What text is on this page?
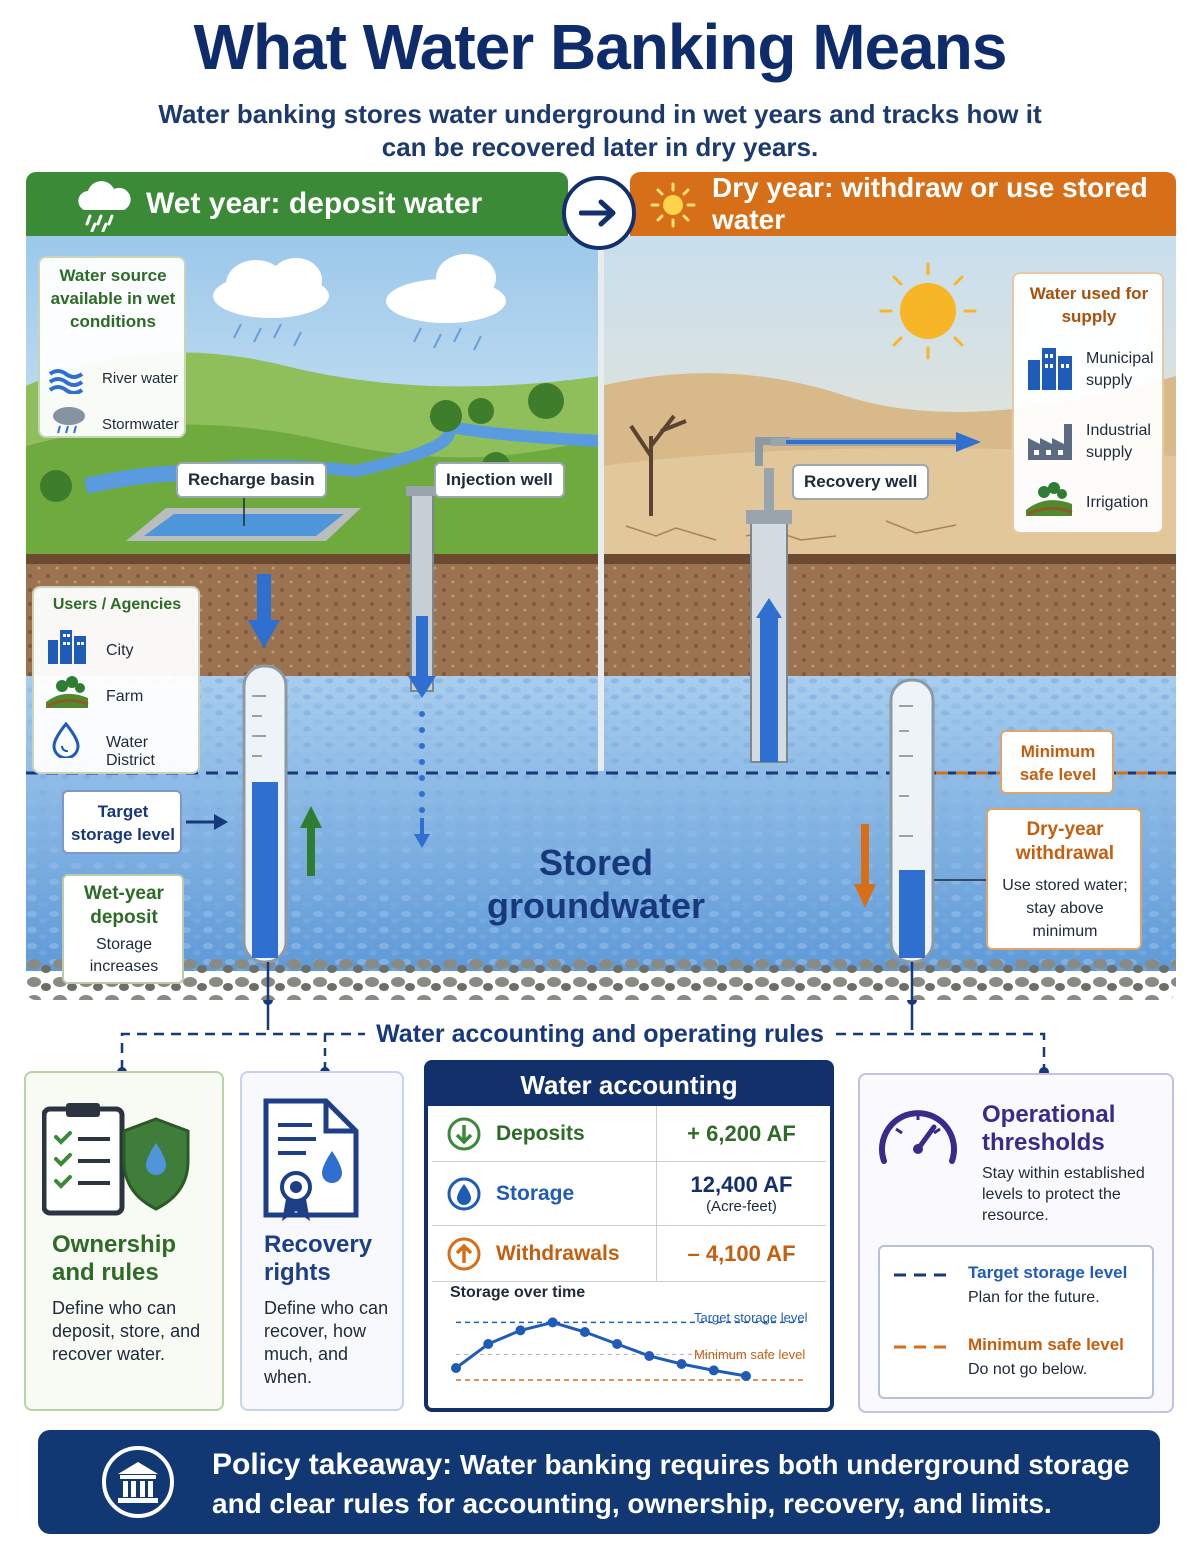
What Water Banking Means
Water banking stores water underground in wet years and tracks how it can be recovered later in dry years.
Wet year: deposit water	Dry year: withdraw or use stored water
Water source available in wet conditions
River water
Stormwater
Recharge basin	Injection well
Users / Agencies
City
Farm
Water District
Target storage level
Wet-year deposit
Storage increases
Stored groundwater
Water used for supply
Municipal supply
Industrial supply
Irrigation
Recovery well
Minimum safe level
Dry-year withdrawal
Use stored water; stay above minimum
Water accounting and operating rules
Ownership and rules
Define who can deposit, store, and recover water.
Recovery rights
Define who can recover, how much, and when.
Water accounting
Deposits	+ 6,200 AF
Storage	12,400 AF
(Acre-feet)
Withdrawals	– 4,100 AF
Storage over time
Target storage level
Minimum safe level
Operational thresholds
Stay within established levels to protect the resource.
Target storage level
Plan for the future.
Minimum safe level
Do not go below.
Policy takeaway: Water banking requires both underground storage
and clear rules for accounting, ownership, recovery, and limits.
